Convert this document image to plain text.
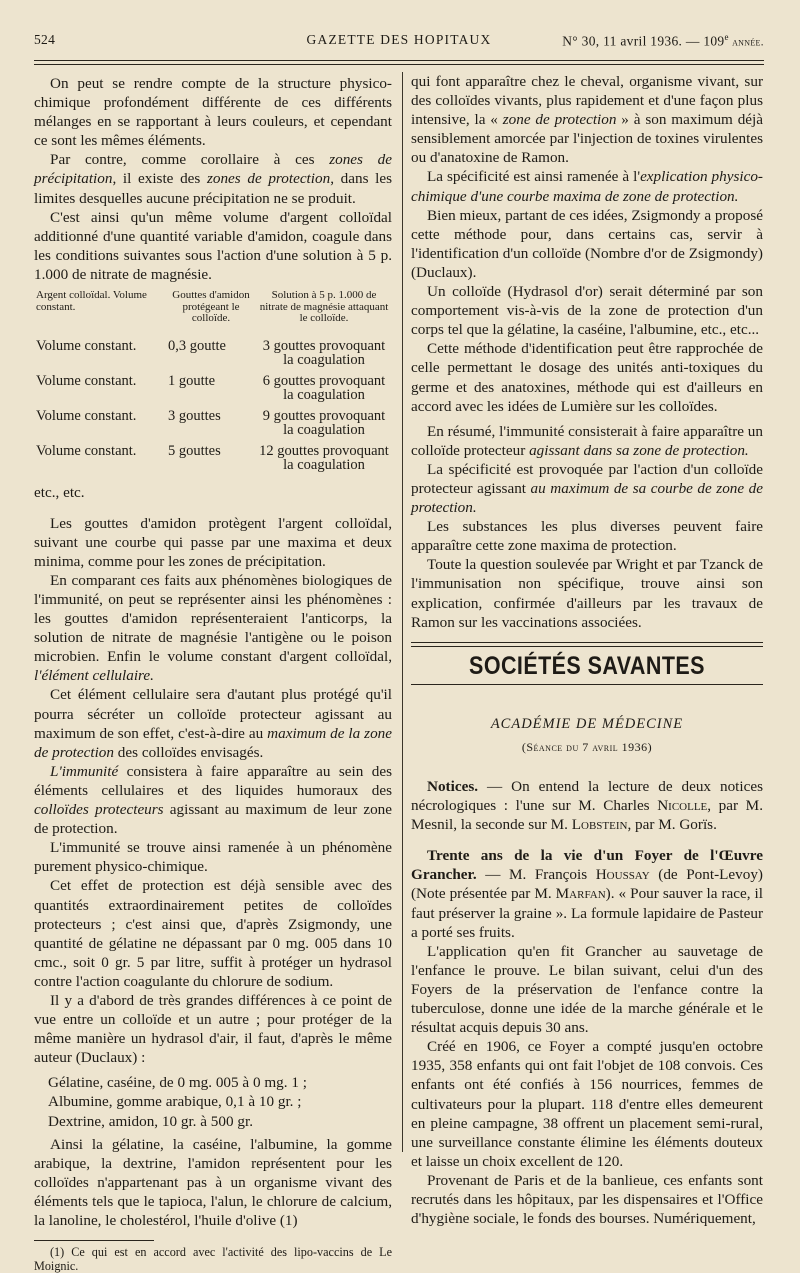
524	GAZETTE DES HOPITAUX	N° 30, 11 avril 1936. — 109e année.

On peut se rendre compte de la structure physico-chimique profondément différente de ces différents mélanges en se rapportant à leurs couleurs, et cependant ce sont les mêmes éléments.

Par contre, comme corollaire à ces zones de précipitation, il existe des zones de protection, dans les limites desquelles aucune précipitation ne se produit.

C'est ainsi qu'un même volume d'argent colloïdal additionné d'une quantité variable d'amidon, coagule dans les conditions suivantes sous l'action d'une solution à 5 p. 1.000 de nitrate de magnésie.

Argent colloïdal. Volume constant.	Gouttes d'amidon protégeant le colloïde.	Solution à 5 p. 1.000 de nitrate de magnésie attaquant le colloïde.
Volume constant.	0,3 goutte	3 gouttes provoquant la coagulation
Volume constant.	1 goutte	6 gouttes provoquant la coagulation
Volume constant.	3 gouttes	9 gouttes provoquant la coagulation
Volume constant.	5 gouttes	12 gouttes provoquant la coagulation

etc., etc.

Les gouttes d'amidon protègent l'argent colloïdal, suivant une courbe qui passe par une maxima et deux minima, comme pour les zones de précipitation.

En comparant ces faits aux phénomènes biologiques de l'immunité, on peut se représenter ainsi les phénomènes : les gouttes d'amidon représenteraient l'anticorps, la solution de nitrate de magnésie l'antigène ou le poison microbien. Enfin le volume constant d'argent colloïdal, l'élément cellulaire.

Cet élément cellulaire sera d'autant plus protégé qu'il pourra sécréter un colloïde protecteur agissant au maximum de son effet, c'est-à-dire au maximum de la zone de protection des colloïdes envisagés.

L'immunité consistera à faire apparaître au sein des éléments cellulaires et des liquides humoraux des colloïdes protecteurs agissant au maximum de leur zone de protection.

L'immunité se trouve ainsi ramenée à un phénomène purement physico-chimique.

Cet effet de protection est déjà sensible avec des quantités extraordinairement petites de colloïdes protecteurs ; c'est ainsi que, d'après Zsigmondy, une quantité de gélatine ne dépassant par 0 mg. 005 dans 10 cmc., soit 0 gr. 5 par litre, suffit à protéger un hydrasol contre l'action coagulante du chlorure de sodium.

Il y a d'abord de très grandes différences à ce point de vue entre un colloïde et un autre ; pour protéger de la même manière un hydrasol d'air, il faut, d'après le même auteur (Duclaux) :

Gélatine, caséine, de 0 mg. 005 à 0 mg. 1 ;
Albumine, gomme arabique, 0,1 à 10 gr. ;
Dextrine, amidon, 10 gr. à 500 gr.

Ainsi la gélatine, la caséine, l'albumine, la gomme arabique, la dextrine, l'amidon représentent pour les colloïdes n'appartenant pas à un organisme vivant des éléments tels que le tapioca, l'alun, le chlorure de calcium, la lanoline, le cholestérol, l'huile d'olive (1)

(1) Ce qui est en accord avec l'activité des lipo-vaccins de Le Moignic.

qui font apparaître chez le cheval, organisme vivant, sur des colloïdes vivants, plus rapidement et d'une façon plus intensive, la « zone de protection » à son maximum déjà sensiblement amorcée par l'injection de toxines virulentes ou d'anatoxine de Ramon.

La spécificité est ainsi ramenée à l'explication physico-chimique d'une courbe maxima de zone de protection.

Bien mieux, partant de ces idées, Zsigmondy a proposé cette méthode pour, dans certains cas, servir à l'identification d'un colloïde (Nombre d'or de Zsigmondy) (Duclaux).

Un colloïde (Hydrasol d'or) serait déterminé par son comportement vis-à-vis de la zone de protection d'un corps tel que la gélatine, la caséine, l'albumine, etc., etc...

Cette méthode d'identification peut être rapprochée de celle permettant le dosage des unités anti-toxiques du germe et des anatoxines, méthode qui est d'ailleurs en accord avec les idées de Lumière sur les colloïdes.

En résumé, l'immunité consisterait à faire apparaître un colloïde protecteur agissant dans sa zone de protection.

La spécificité est provoquée par l'action d'un colloïde protecteur agissant au maximum de sa courbe de zone de protection.

Les substances les plus diverses peuvent faire apparaître cette zone maxima de protection.

Toute la question soulevée par Wright et par Tzanck de l'immunisation non spécifique, trouve ainsi son explication, confirmée d'ailleurs par les travaux de Ramon sur les vaccinations associées.

SOCIÉTÉS SAVANTES
ACADÉMIE DE MÉDECINE
(Séance du 7 avril 1936)

Notices. — On entend la lecture de deux notices nécrologiques : l'une sur M. Charles Nicolle, par M. Mesnil, la seconde sur M. Lobstein, par M. Gorïs.

Trente ans de la vie d'un Foyer de l'Œuvre Grancher. — M. François Houssay (de Pont-Levoy) (Note présentée par M. Marfan). « Pour sauver la race, il faut préserver la graine ». La formule lapidaire de Pasteur a porté ses fruits.

L'application qu'en fit Grancher au sauvetage de l'enfance le prouve. Le bilan suivant, celui d'un des Foyers de la préservation de l'enfance contre la tuberculose, donne une idée de la marche générale et le résultat acquis depuis 30 ans.

Créé en 1906, ce Foyer a compté jusqu'en octobre 1935, 358 enfants qui ont fait l'objet de 108 convois. Ces enfants ont été confiés à 156 nourrices, femmes de cultivateurs pour la plupart. 118 d'entre elles demeurent en pleine campagne, 38 offrent un placement semi-rural, une surveillance constante élimine les éléments douteux et laisse un choix excellent de 120.

Provenant de Paris et de la banlieue, ces enfants sont recrutés dans les hôpitaux, par les dispensaires et l'Office d'hygiène sociale, le fonds des bourses. Numériquement,
